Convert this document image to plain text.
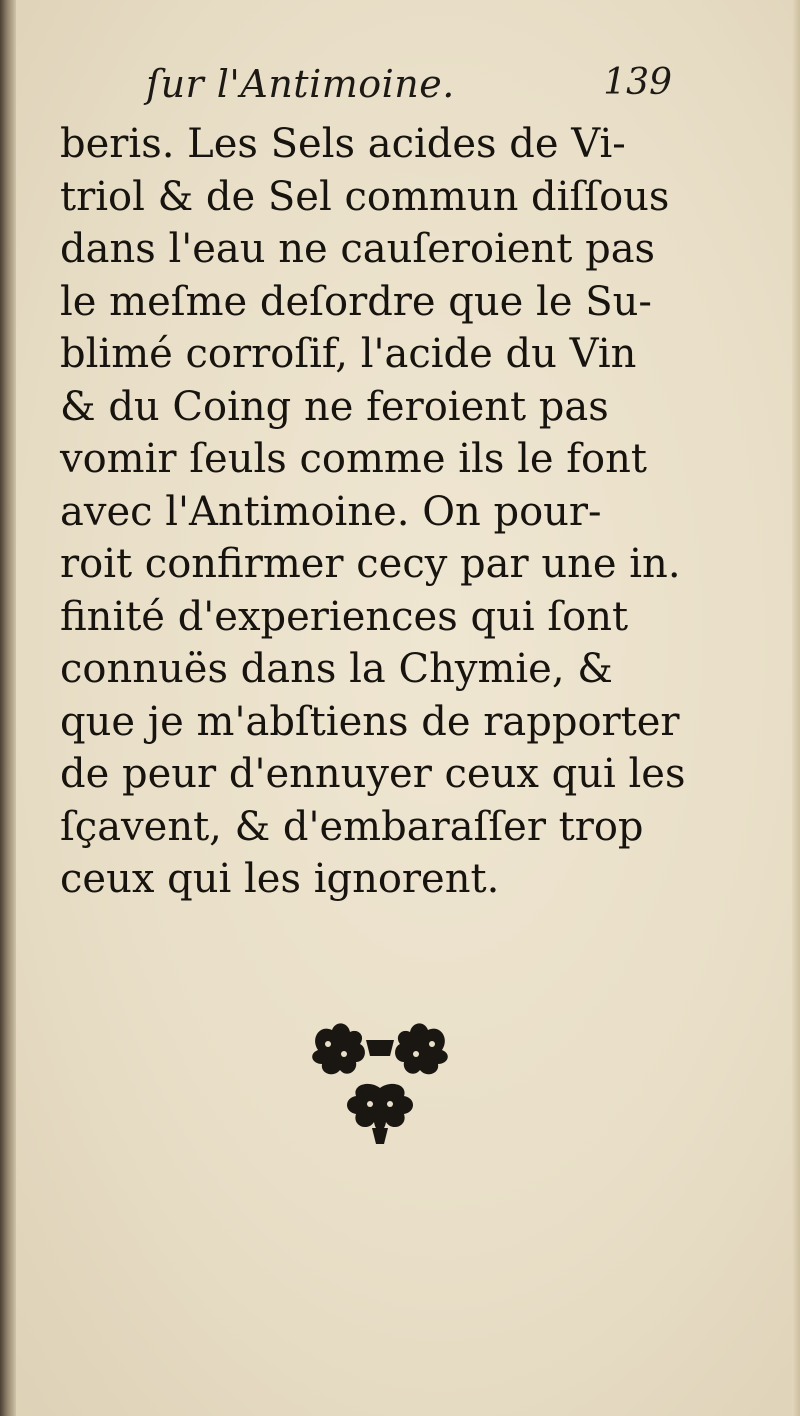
ſur l'Antimoine.	139
beris. Les Sels acides de Vi-
triol & de Sel commun diſſous
dans l'eau ne cauſeroient pas
le meſme deſordre que le Su-
blimé corroſif, l'acide du Vin
& du Coing ne feroient pas
vomir ſeuls comme ils le font
avec l'Antimoine. On pour-
roit confirmer cecy par une in.
finité d'experiences qui ſont
connuës dans la Chymie, &
que je m'abſtiens de rapporter
de peur d'ennuyer ceux qui les
ſçavent, & d'embaraſſer trop
ceux qui les ignorent.
